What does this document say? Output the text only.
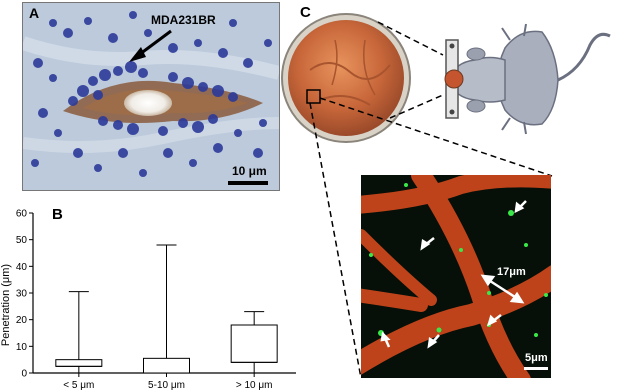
A	MDA231BR
10 μm
B
Penetration (μm)
0
10
20
30
40
50
60
< 5 μm	5-10 μm	> 10 μm
C
17μm
5μm
